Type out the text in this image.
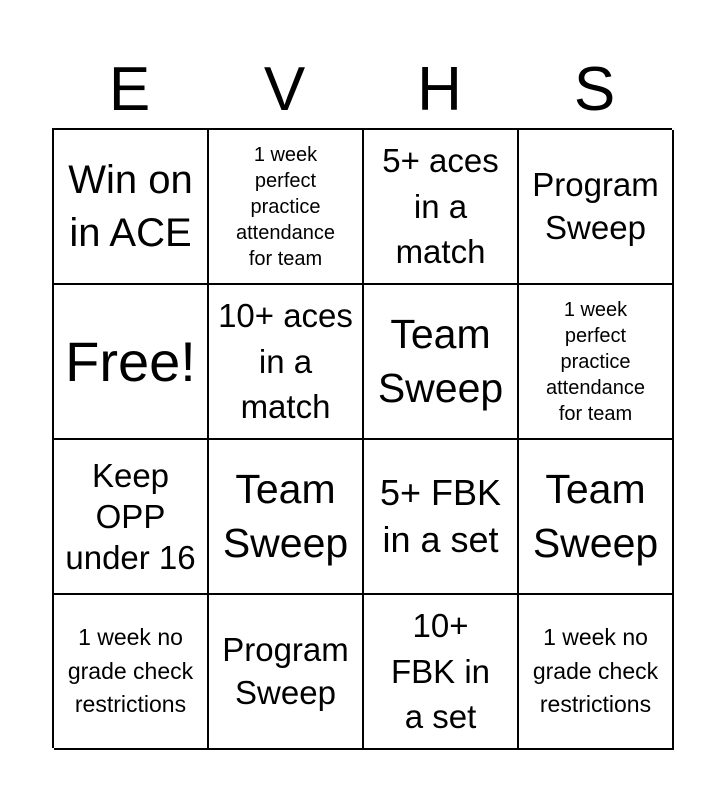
E	V	H	S
Win on in ACE
1 week perfect practice attendance for team
5+ aces in a match
Program Sweep
Free!
10+ aces in a match
Team Sweep
1 week perfect practice attendance for team
Keep OPP under 16
Team Sweep
5+ FBK in a set
Team Sweep
1 week no grade check restrictions
Program Sweep
10+ FBK in a set
1 week no grade check restrictions
